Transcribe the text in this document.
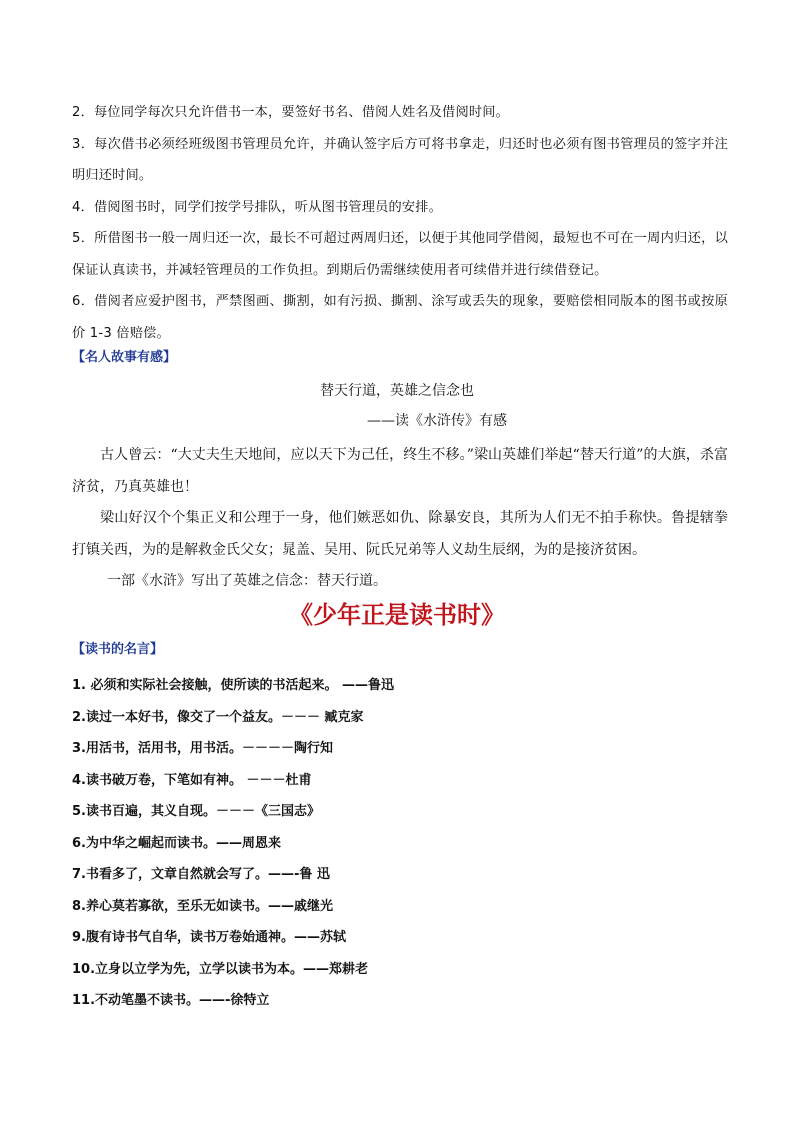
2．每位同学每次只允许借书一本，要签好书名、借阅人姓名及借阅时间。

3．每次借书必须经班级图书管理员允许，并确认签字后方可将书拿走，归还时也必须有图书管理员的签字并注明归还时间。

4．借阅图书时，同学们按学号排队，听从图书管理员的安排。

5．所借图书一般一周归还一次，最长不可超过两周归还，以便于其他同学借阅，最短也不可在一周内归还，以保证认真读书，并减轻管理员的工作负担。到期后仍需继续使用者可续借并进行续借登记。

6．借阅者应爱护图书，严禁图画、撕割，如有污损、撕割、涂写或丢失的现象，要赔偿相同版本的图书或按原价 1-3 倍赔偿。

【名人故事有感】
替天行道，英雄之信念也
——读《水浒传》有感

古人曾云：“大丈夫生天地间，应以天下为己任，终生不移。”梁山英雄们举起“替天行道”的大旗，杀富济贫，乃真英雄也！

梁山好汉个个集正义和公理于一身，他们嫉恶如仇、除暴安良，其所为人们无不拍手称快。鲁提辖拳打镇关西，为的是解救金氏父女；晁盖、吴用、阮氏兄弟等人义劫生辰纲，为的是接济贫困。

一部《水浒》写出了英雄之信念：替天行道。

《少年正是读书时》
【读书的名言】
1. 必须和实际社会接触，使所读的书活起来。 ——鲁迅
2.读过一本好书，像交了一个益友。－－－ 臧克家
3.用活书，活用书，用书活。－－－－陶行知
4.读书破万卷，下笔如有神。 －－－杜甫
5.读书百遍，其义自现。－－－《三国志》
6.为中华之崛起而读书。——周恩来
7.书看多了，文章自然就会写了。——-鲁 迅
8.养心莫若寡欲，至乐无如读书。——戚继光
9.腹有诗书气自华，读书万卷始通神。——苏轼
10.立身以立学为先，立学以读书为本。——郑耕老
11.不动笔墨不读书。——-徐特立
